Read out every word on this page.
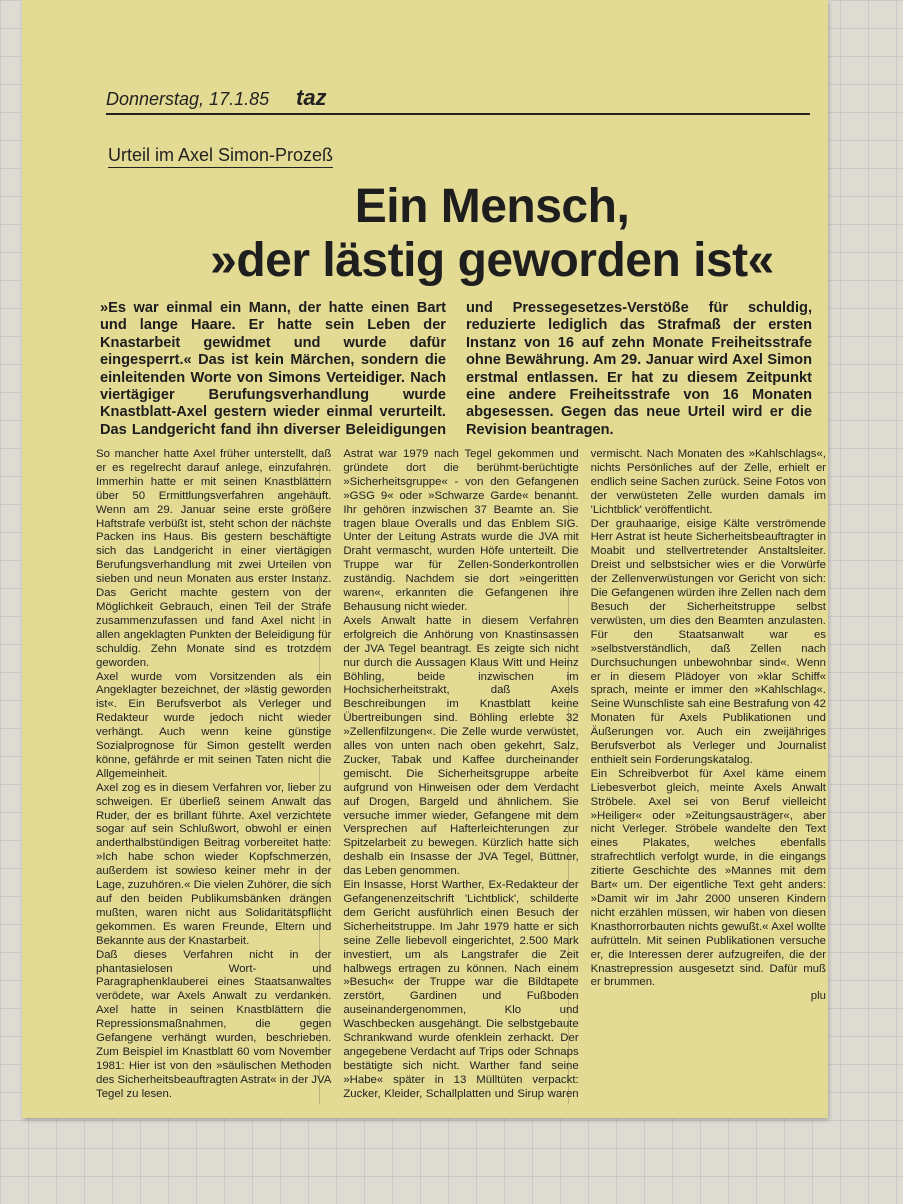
Donnerstag, 17.1.85 taz
Urteil im Axel Simon-Prozeß
Ein Mensch,
»der lästig geworden ist«
»Es war einmal ein Mann, der hatte einen Bart und lange Haare. Er hatte sein Leben der Knastarbeit gewidmet und wurde dafür eingesperrt.« Das ist kein Märchen, sondern die einleitenden Worte von Simons Verteidiger. Nach viertägiger Berufungsverhandlung wurde Knastblatt-Axel gestern wieder einmal verurteilt. Das Landgericht fand ihn diverser Beleidigungen und Pressegesetzes-Verstöße für schuldig, reduzierte lediglich das Strafmaß der ersten Instanz von 16 auf zehn Monate Freiheitsstrafe ohne Bewährung. Am 29. Januar wird Axel Simon erstmal entlassen. Er hat zu diesem Zeitpunkt eine andere Freiheitsstrafe von 16 Monaten abgesessen. Gegen das neue Urteil wird er die Revision beantragen.

So mancher hatte Axel früher unterstellt, daß er es regelrecht darauf anlege, einzufahren. Immerhin hatte er mit seinen Knastblättern über 50 Ermittlungsverfahren angehäuft. Wenn am 29. Januar seine erste größere Haftstrafe verbüßt ist, steht schon der nächste Packen ins Haus. Bis gestern beschäftigte sich das Landgericht in einer viertägigen Berufungsverhandlung mit zwei Urteilen von sieben und neun Monaten aus erster Instanz. Das Gericht machte gestern von der Möglichkeit Gebrauch, einen Teil der Strafe zusammenzufassen und fand Axel nicht in allen angeklagten Punkten der Beleidigung für schuldig. Zehn Monate sind es trotzdem geworden.

Axel wurde vom Vorsitzenden als ein Angeklagter bezeichnet, der »lästig geworden ist«. Ein Berufsverbot als Verleger und Redakteur wurde jedoch nicht wieder verhängt. Auch wenn keine günstige Sozialprognose für Simon gestellt werden könne, gefährde er mit seinen Taten nicht die Allgemeinheit.

Axel zog es in diesem Verfahren vor, lieber zu schweigen. Er überließ seinem Anwalt das Ruder, der es brillant führte. Axel verzichtete sogar auf sein Schlußwort, obwohl er einen anderthalbstündigen Beitrag vorbereitet hatte: »Ich habe schon wieder Kopfschmerzen, außerdem ist sowieso keiner mehr in der Lage, zuzuhören.« Die vielen Zuhörer, die sich auf den beiden Publikumsbänken drängen mußten, waren nicht aus Solidaritätspflicht gekommen. Es waren Freunde, Eltern und Bekannte aus der Knastarbeit.

Daß dieses Verfahren nicht in der phantasielosen Wort- und Paragraphenklauberei eines Staatsanwaltes verödete, war Axels Anwalt zu verdanken. Axel hatte in seinen Knastblättern die Repressionsmaßnahmen, die gegen Gefangene verhängt wurden, beschrieben. Zum Beispiel im Knastblatt 60 vom November 1981: Hier ist von den »säulischen Methoden des Sicherheitsbeauftragten Astrat« in der JVA Tegel zu lesen.

Astrat war 1979 nach Tegel gekommen und gründete dort die berühmt-berüchtigte »Sicherheitsgruppe« - von den Gefangenen »GSG 9« oder »Schwarze Garde« benannt. Ihr gehören inzwischen 37 Beamte an. Sie tragen blaue Overalls und das Enblem SIG. Unter der Leitung Astrats wurde die JVA mit Draht vermascht, wurden Höfe unterteilt. Die Truppe war für Zellen-Sonderkontrollen zuständig. Nachdem sie dort »eingeritten waren«, erkannten die Gefangenen ihre Behausung nicht wieder.

Axels Anwalt hatte in diesem Verfahren erfolgreich die Anhörung von Knastinsassen der JVA Tegel beantragt. Es zeigte sich nicht nur durch die Aussagen Klaus Witt und Heinz Böhling, beide inzwischen im Hochsicherheitstrakt, daß Axels Beschreibungen im Knastblatt keine Übertreibungen sind. Böhling erlebte 32 »Zellenfilzungen«. Die Zelle wurde verwüstet, alles von unten nach oben gekehrt, Salz, Zucker, Tabak und Kaffee durcheinander gemischt. Die Sicherheitsgruppe arbeite aufgrund von Hinweisen oder dem Verdacht auf Drogen, Bargeld und ähnlichem. Sie versuche immer wieder, Gefangene mit dem Versprechen auf Hafterleichterungen zur Spitzelarbeit zu bewegen. Kürzlich hatte sich deshalb ein Insasse der JVA Tegel, Büttner, das Leben genommen.

Ein Insasse, Horst Warther, Ex-Redakteur der Gefangenenzeitschrift 'Lichtblick', schilderte dem Gericht ausführlich einen Besuch der Sicherheitstruppe. Im Jahr 1979 hatte er sich seine Zelle liebevoll eingerichtet, 2.500 Mark investiert, um als Langstrafer die Zeit halbwegs ertragen zu können. Nach einem »Besuch« der Truppe war die Bildtapete zerstört, Gardinen und Fußboden auseinandergenommen, Klo und Waschbecken ausgehängt. Die selbstgebaute Schrankwand wurde ofenklein zerhackt. Der angegebene Verdacht auf Trips oder Schnaps bestätigte sich nicht. Warther fand seine »Habe« später in 13 Mülltüten verpackt: Zucker, Kleider, Schallplatten und Sirup waren vermischt. Nach Monaten des »Kahlschlags«, nichts Persönliches auf der Zelle, erhielt er endlich seine Sachen zurück. Seine Fotos von der verwüsteten Zelle wurden damals im 'Lichtblick' veröffentlicht.

Der grauhaarige, eisige Kälte verströmende Herr Astrat ist heute Sicherheitsbeauftragter in Moabit und stellvertretender Anstaltsleiter. Dreist und selbstsicher wies er die Vorwürfe der Zellenverwüstungen vor Gericht von sich: Die Gefangenen würden ihre Zellen nach dem Besuch der Sicherheitstruppe selbst verwüsten, um dies den Beamten anzulasten. Für den Staatsanwalt war es »selbstverständlich, daß Zellen nach Durchsuchungen unbewohnbar sind«. Wenn er in diesem Plädoyer von »klar Schiff« sprach, meinte er immer den »Kahlschlag«. Seine Wunschliste sah eine Bestrafung von 42 Monaten für Axels Publikationen und Äußerungen vor. Auch ein zweijähriges Berufsverbot als Verleger und Journalist enthielt sein Forderungskatalog.

Ein Schreibverbot für Axel käme einem Liebesverbot gleich, meinte Axels Anwalt Ströbele. Axel sei von Beruf vielleicht »Heiliger« oder »Zeitungsausträger«, aber nicht Verleger. Ströbele wandelte den Text eines Plakates, welches ebenfalls strafrechtlich verfolgt wurde, in die eingangs zitierte Geschichte des »Mannes mit dem Bart« um. Der eigentliche Text geht anders: »Damit wir im Jahr 2000 unseren Kindern nicht erzählen müssen, wir haben von diesen Knasthorrorbauten nichts gewußt.« Axel wollte aufrütteln. Mit seinen Publikationen versuche er, die Interessen derer aufzugreifen, die der Knastrepression ausgesetzt sind. Dafür muß er brummen.

plu
